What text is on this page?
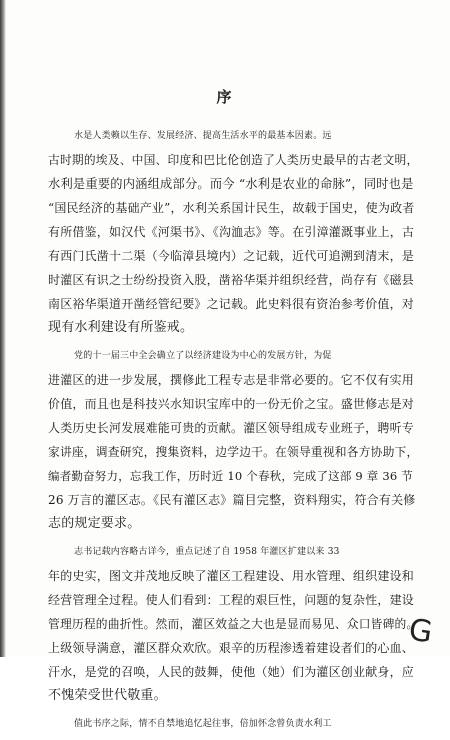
序

水是人类赖以生存、发展经济、提高生活水平的最基本因素。远
古时期的埃及、中国、印度和巴比伦创造了人类历史最早的古老文明，
水利是重要的内涵组成部分。而今 “水利是农业的命脉”，同时也是
“国民经济的基础产业”，水利关系国计民生，故载于国史，使为政者
有所借鉴，如汉代《河渠书》、《沟洫志》等。在引漳灌溉事业上，古
有西门氏凿十二渠（今临漳县境内）之记载，近代可追溯到清末，是
时灌区有识之士纷纷投资入股，凿裕华渠并组织经营，尚存有《磁县
南区裕华渠道开凿经管纪要》之记载。此史料很有资治参考价值，对
现有水利建设有所鉴戒。

党的十一届三中全会确立了以经济建设为中心的发展方针，为促
进灌区的进一步发展，撰修此工程专志是非常必要的。它不仅有实用
价值，而且也是科技兴水知识宝库中的一份无价之宝。盛世修志是对
人类历史长河发展难能可贵的贡献。灌区领导组成专业班子，聘听专
家讲座，调查研究，搜集资料，边学边干。在领导重视和各方协助下，
编者勤奋努力，忘我工作，历时近 10 个春秋，完成了这部 9 章 36 节
26 万言的灌区志。《民有灌区志》篇目完整，资料翔实，符合有关修
志的规定要求。

志书记载内容略古详今，重点记述了自 1958 年灌区扩建以来 33
年的史实，图文并茂地反映了灌区工程建设、用水管理、组织建设和
经营管理全过程。使人们看到：工程的艰巨性，问题的复杂性，建设
管理历程的曲折性。然而，灌区效益之大也是显而易见、众口皆碑的。
上级领导满意，灌区群众欢欣。艰辛的历程渗透着建设者们的心血、
汗水，是党的召唤，人民的鼓舞，使他（她）们为灌区创业献身，应
不愧荣受世代敬重。

值此书序之际，情不自禁地追忆起往事，倍加怀念曾负责水利工

G
